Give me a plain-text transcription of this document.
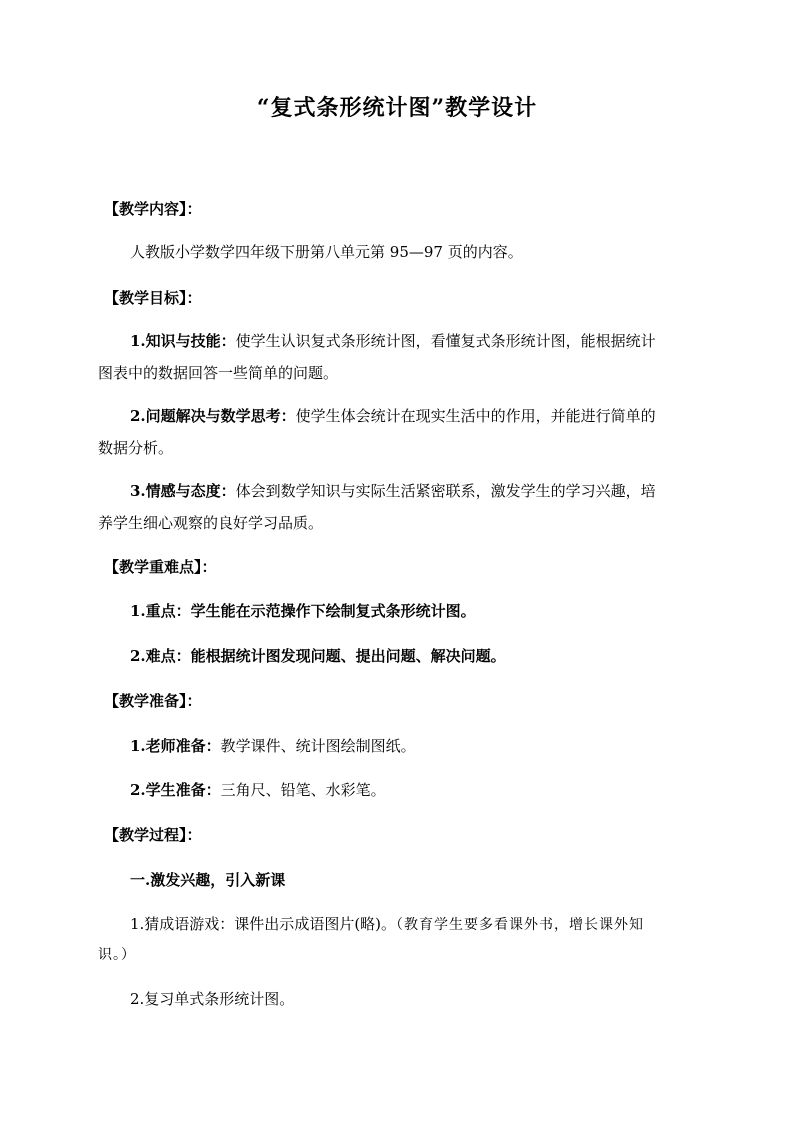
“复式条形统计图”教学设计
【教学内容】：
人教版小学数学四年级下册第八单元第 95—97 页的内容。
【教学目标】：
1.知识与技能：使学生认识复式条形统计图，看懂复式条形统计图，能根据统计
图表中的数据回答一些简单的问题。
2.问题解决与数学思考：使学生体会统计在现实生活中的作用，并能进行简单的
数据分析。
3.情感与态度：体会到数学知识与实际生活紧密联系，激发学生的学习兴趣，培
养学生细心观察的良好学习品质。
【教学重难点】：
1.重点：学生能在示范操作下绘制复式条形统计图。
2.难点：能根据统计图发现问题、提出问题、解决问题。
【教学准备】：
1.老师准备：教学课件、统计图绘制图纸。
2.学生准备：三角尺、铅笔、水彩笔。
【教学过程】：
一.激发兴趣，引入新课
1.猜成语游戏：课件出示成语图片(略)。（教育学生要多看课外书，增长课外知
识。）
2.复习单式条形统计图。
